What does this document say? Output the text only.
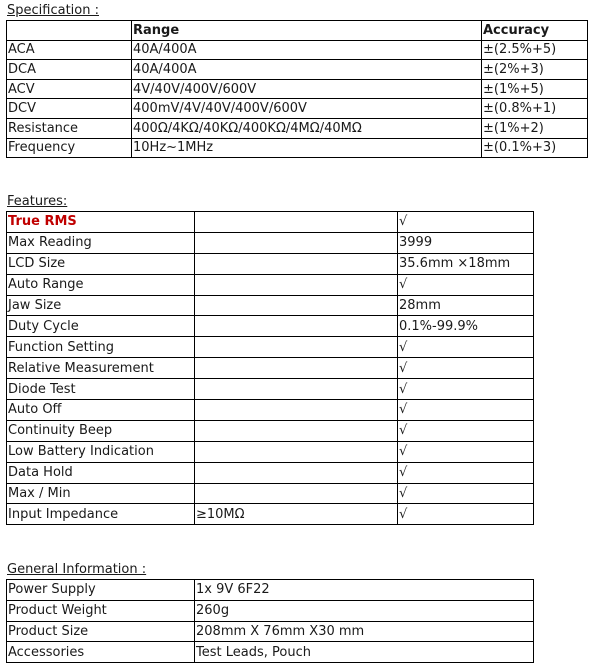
Specification :
	Range	Accuracy
ACA	40A/400A	±(2.5%+5)
DCA	40A/400A	±(2%+3)
ACV	4V/40V/400V/600V	±(1%+5)
DCV	400mV/4V/40V/400V/600V	±(0.8%+1)
Resistance	400Ω/4KΩ/40KΩ/400KΩ/4MΩ/40MΩ	±(1%+2)
Frequency	10Hz~1MHz	±(0.1%+3)
Features:
True RMS		√
Max Reading		3999
LCD Size		35.6mm ×18mm
Auto Range		√
Jaw Size		28mm
Duty Cycle		0.1%-99.9%
Function Setting		√
Relative Measurement		√
Diode Test		√
Auto Off		√
Continuity Beep		√
Low Battery Indication		√
Data Hold		√
Max / Min		√
Input Impedance	≥10MΩ	√
General Information :
Power Supply	1x 9V 6F22
Product Weight	260g
Product Size	208mm X 76mm X30 mm
Accessories	Test Leads, Pouch
